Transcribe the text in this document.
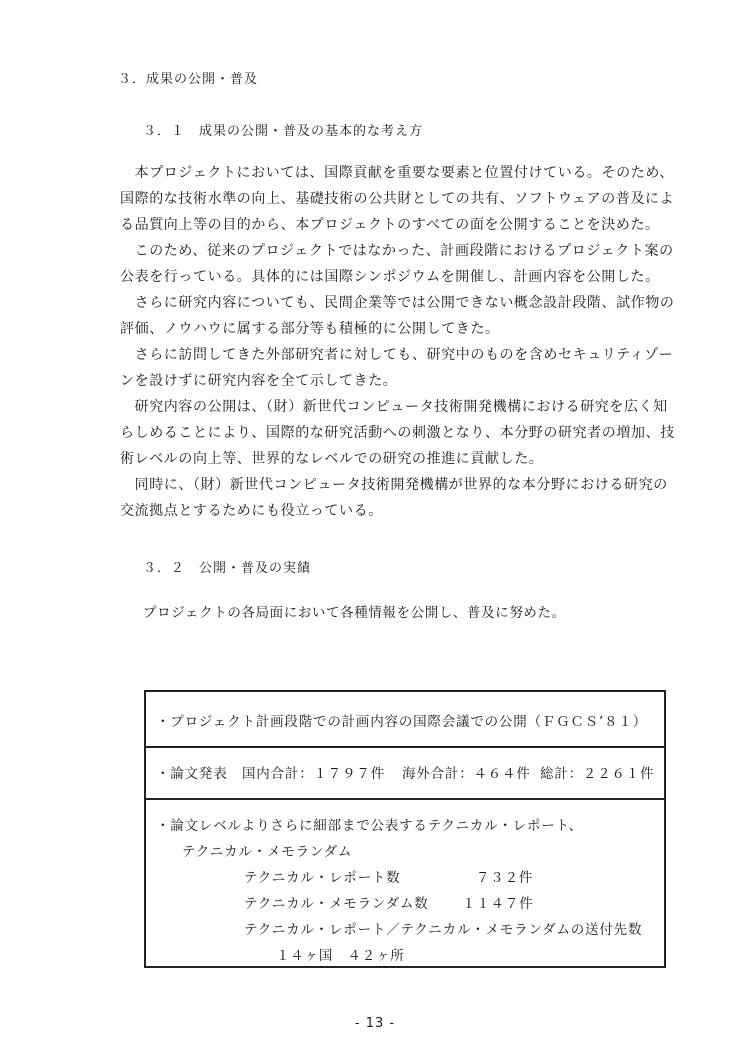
３．成果の公開・普及
３．１　成果の公開・普及の基本的な考え方
　本プロジェクトにおいては、国際貢献を重要な要素と位置付けている。そのため、
国際的な技術水準の向上、基礎技術の公共財としての共有、ソフトウェアの普及によ
る品質向上等の目的から、本プロジェクトのすべての面を公開することを決めた。
　このため、従来のプロジェクトではなかった、計画段階におけるプロジェクト案の
公表を行っている。具体的には国際シンポジウムを開催し、計画内容を公開した。
　さらに研究内容についても、民間企業等では公開できない概念設計段階、試作物の
評価、ノウハウに属する部分等も積極的に公開してきた。
　さらに訪問してきた外部研究者に対しても、研究中のものを含めセキュリティゾー
ンを設けずに研究内容を全て示してきた。
　研究内容の公開は、（財）新世代コンピュータ技術開発機構における研究を広く知
らしめることにより、国際的な研究活動への刺激となり、本分野の研究者の増加、技
術レベルの向上等、世界的なレベルでの研究の推進に貢献した。
　同時に、（財）新世代コンピュータ技術開発機構が世界的な本分野における研究の
交流拠点とするためにも役立っている。
３．２　公開・普及の実績
プロジェクトの各局面において各種情報を公開し、普及に努めた。
・プロジェクト計画段階での計画内容の国際会議での公開（ＦＧＣＳ’８１）
・論文発表 国内合計：１７９７件 海外合計：４６４件 総計：２２６１件
・論文レベルよりさらに細部まで公表するテクニカル・レポート、
テクニカル・メモランダム
テクニカル・レポート数	７３２件
テクニカル・メモランダム数 １１４７件
テクニカル・レポート／テクニカル・メモランダムの送付先数
１４ヶ国　４２ヶ所
- 13 -
